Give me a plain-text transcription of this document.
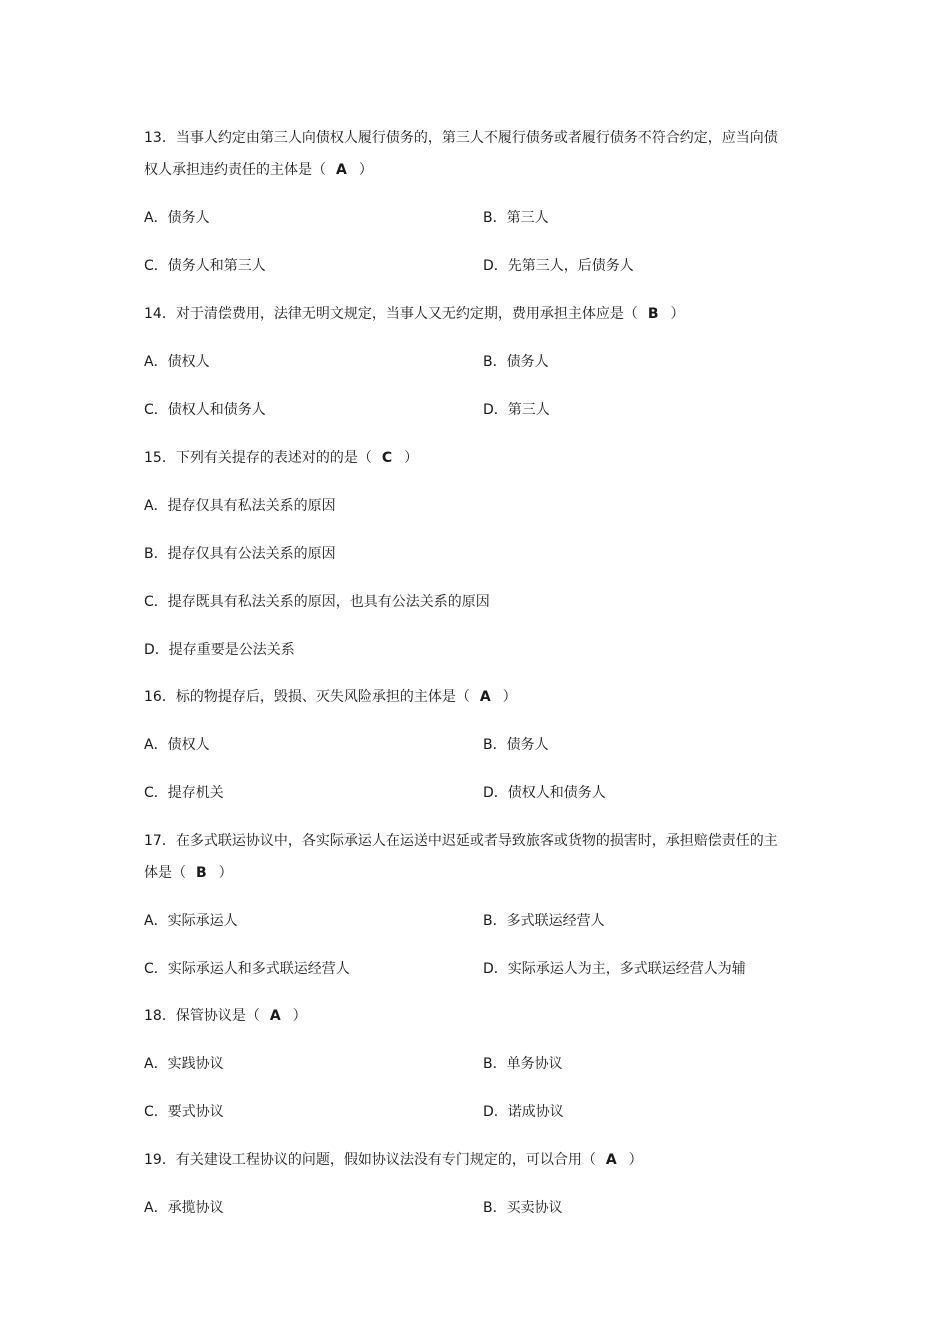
13．当事人约定由第三人向债权人履行债务的，第三人不履行债务或者履行债务不符合约定，应当向债
权人承担违约责任的主体是（ A ）
A．债务人	B．第三人
C．债务人和第三人	D．先第三人，后债务人
14．对于清偿费用，法律无明文规定，当事人又无约定期，费用承担主体应是（ B ）
A．债权人	B．债务人
C．债权人和债务人	D．第三人
15．下列有关提存的表述对的的是（ C ）
A．提存仅具有私法关系的原因
B．提存仅具有公法关系的原因
C．提存既具有私法关系的原因，也具有公法关系的原因
D．提存重要是公法关系
16．标的物提存后，毁损、灭失风险承担的主体是（ A ）
A．债权人	B．债务人
C．提存机关	D．债权人和债务人
17．在多式联运协议中，各实际承运人在运送中迟延或者导致旅客或货物的损害时，承担赔偿责任的主
体是（ B ）
A．实际承运人	B．多式联运经营人
C．实际承运人和多式联运经营人	D．实际承运人为主，多式联运经营人为辅
18．保管协议是（ A ）
A．实践协议	B．单务协议
C．要式协议	D．诺成协议
19．有关建设工程协议的问题，假如协议法没有专门规定的，可以合用（ A ）
A．承揽协议	B．买卖协议
